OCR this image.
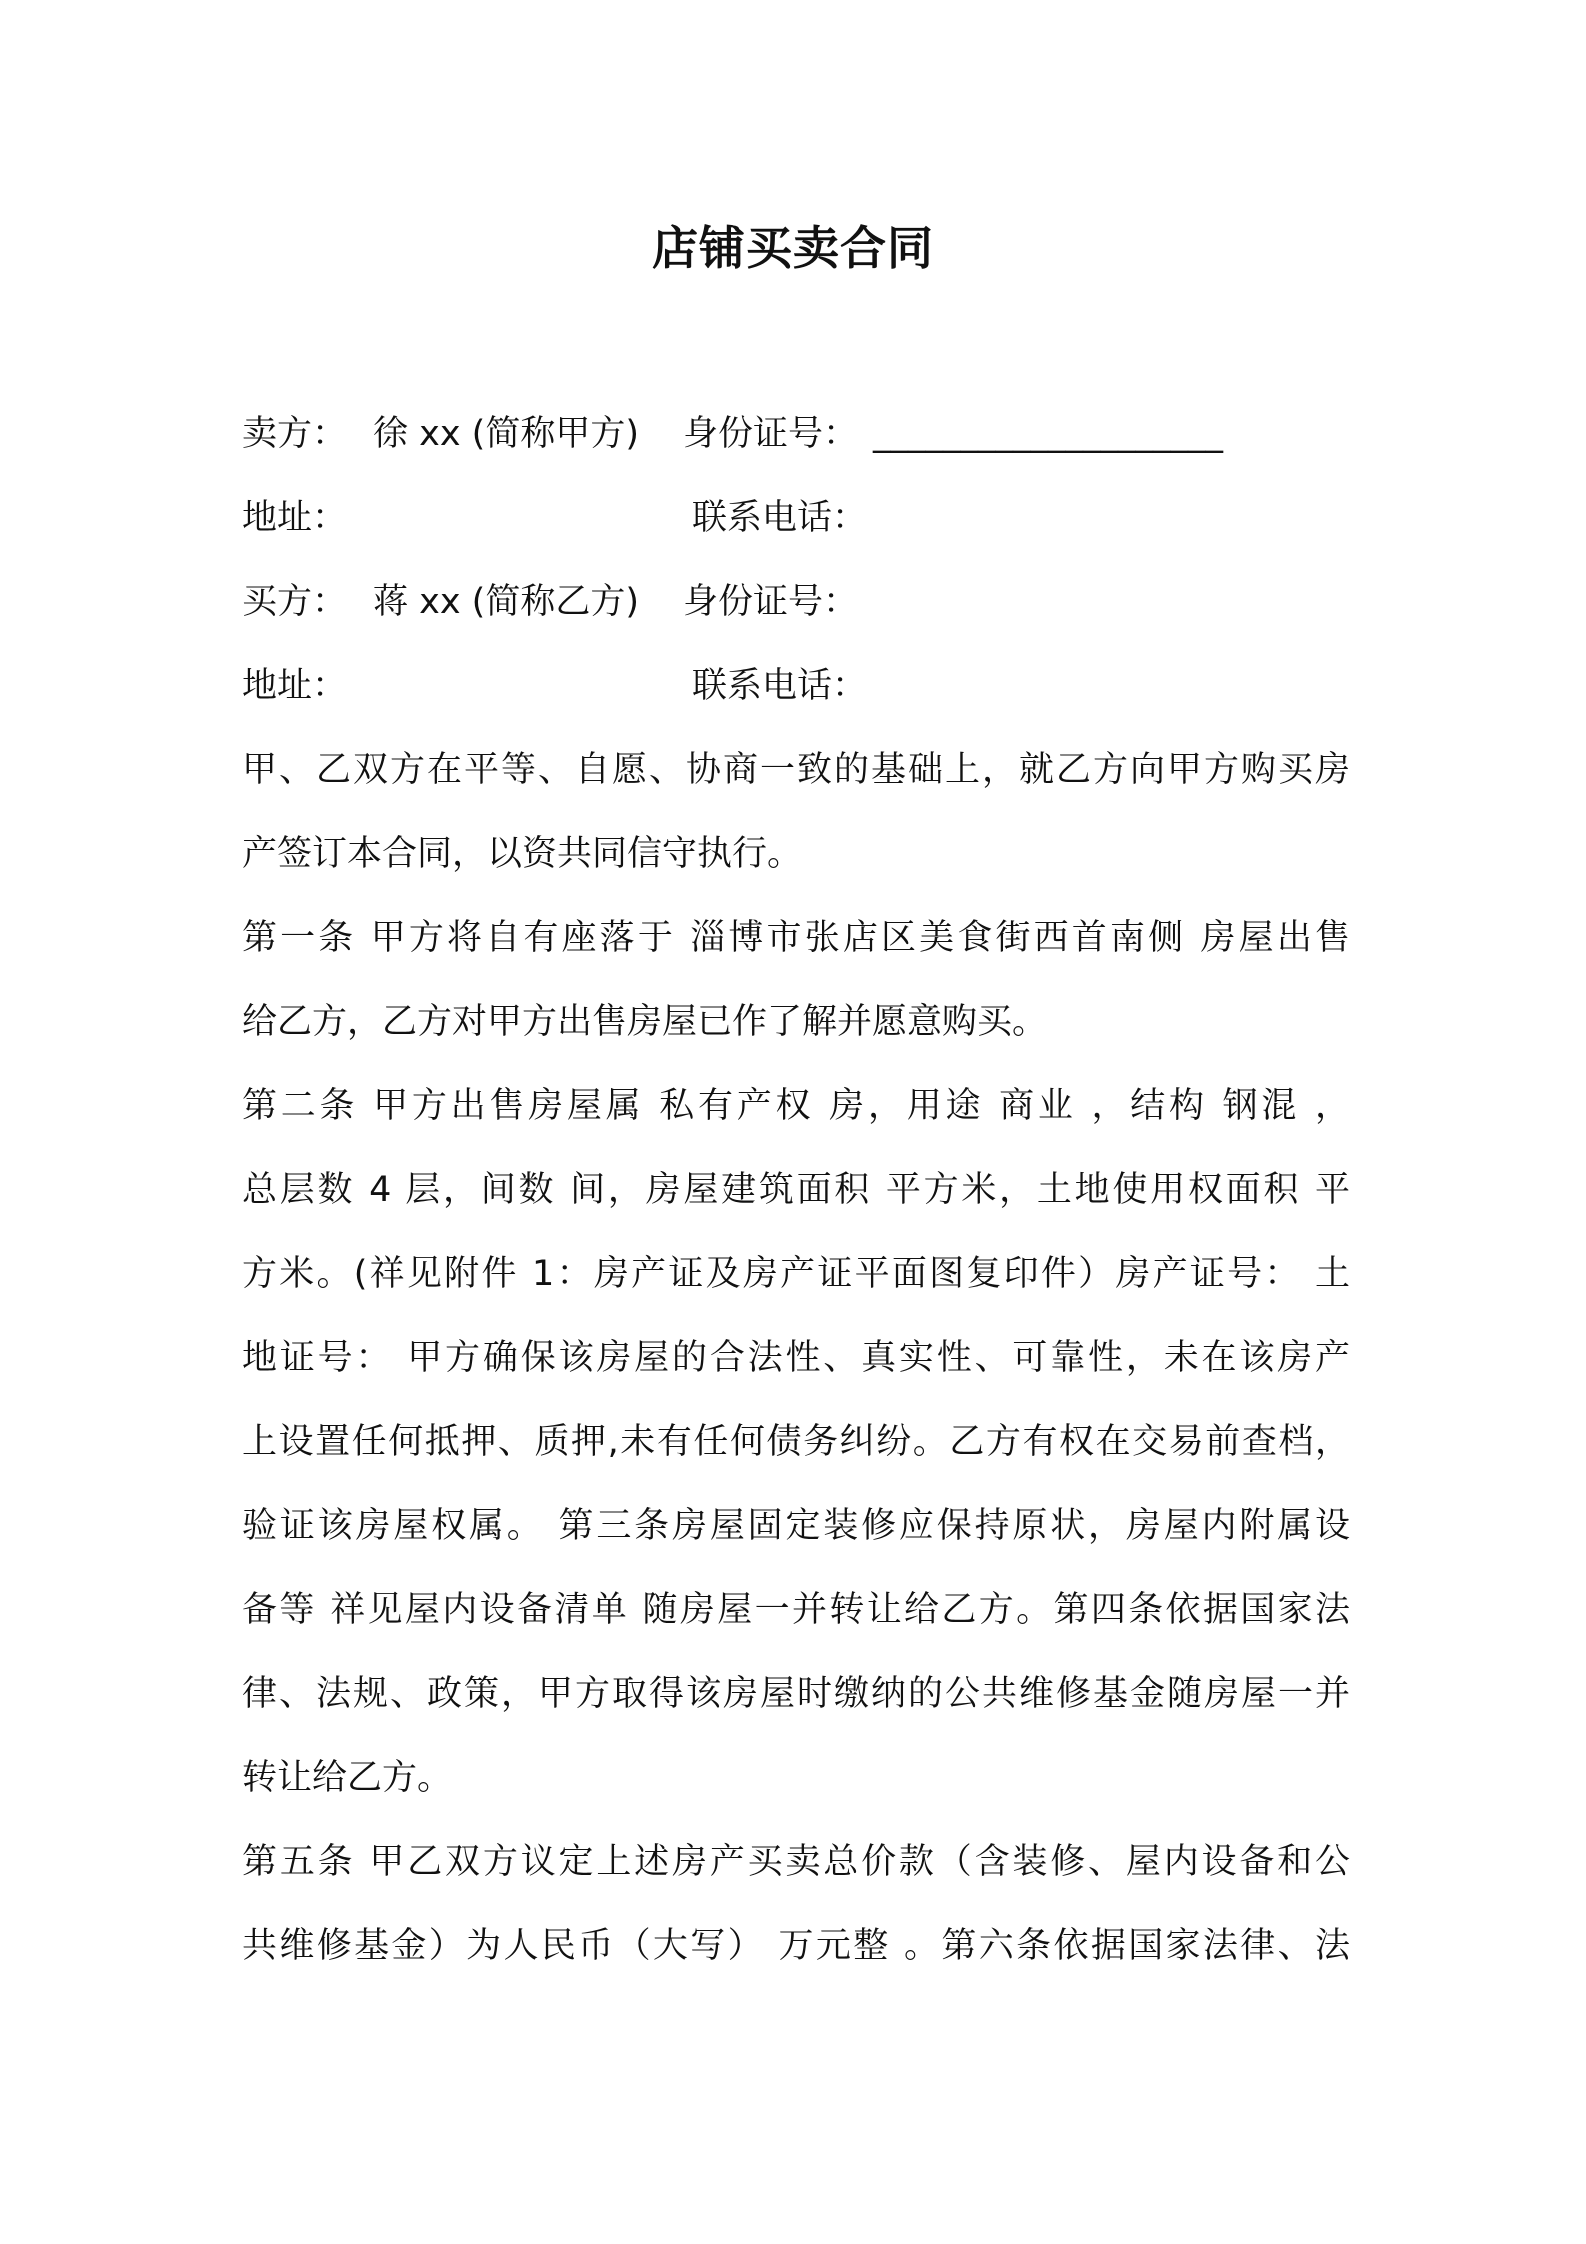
店铺买卖合同
卖方： 徐 xx (简称甲方) 身份证号： ____________________
地址：	联系电话：
买方： 蒋 xx (简称乙方) 身份证号：
地址：	联系电话：
甲、乙双方在平等、自愿、协商一致的基础上，就乙方向甲方购买房
产签订本合同，以资共同信守执行。
第一条 甲方将自有座落于 淄博市张店区美食街西首南侧 房屋出售
给乙方，乙方对甲方出售房屋已作了解并愿意购买。
第二条 甲方出售房屋属 私有产权 房，用途 商业 ，结构 钢混 ，
总层数 4 层，间数 间，房屋建筑面积 平方米，土地使用权面积 平
方米。(祥见附件 1：房产证及房产证平面图复印件）房产证号： 土
地证号： 甲方确保该房屋的合法性、真实性、可靠性，未在该房产
上设置任何抵押、质押,未有任何债务纠纷。乙方有权在交易前查档，
验证该房屋权属。 第三条房屋固定装修应保持原状，房屋内附属设
备等 祥见屋内设备清单 随房屋一并转让给乙方。第四条依据国家法
律、法规、政策，甲方取得该房屋时缴纳的公共维修基金随房屋一并
转让给乙方。
第五条 甲乙双方议定上述房产买卖总价款（含装修、屋内设备和公
共维修基金）为人民币（大写） 万元整 。第六条依据国家法律、法
